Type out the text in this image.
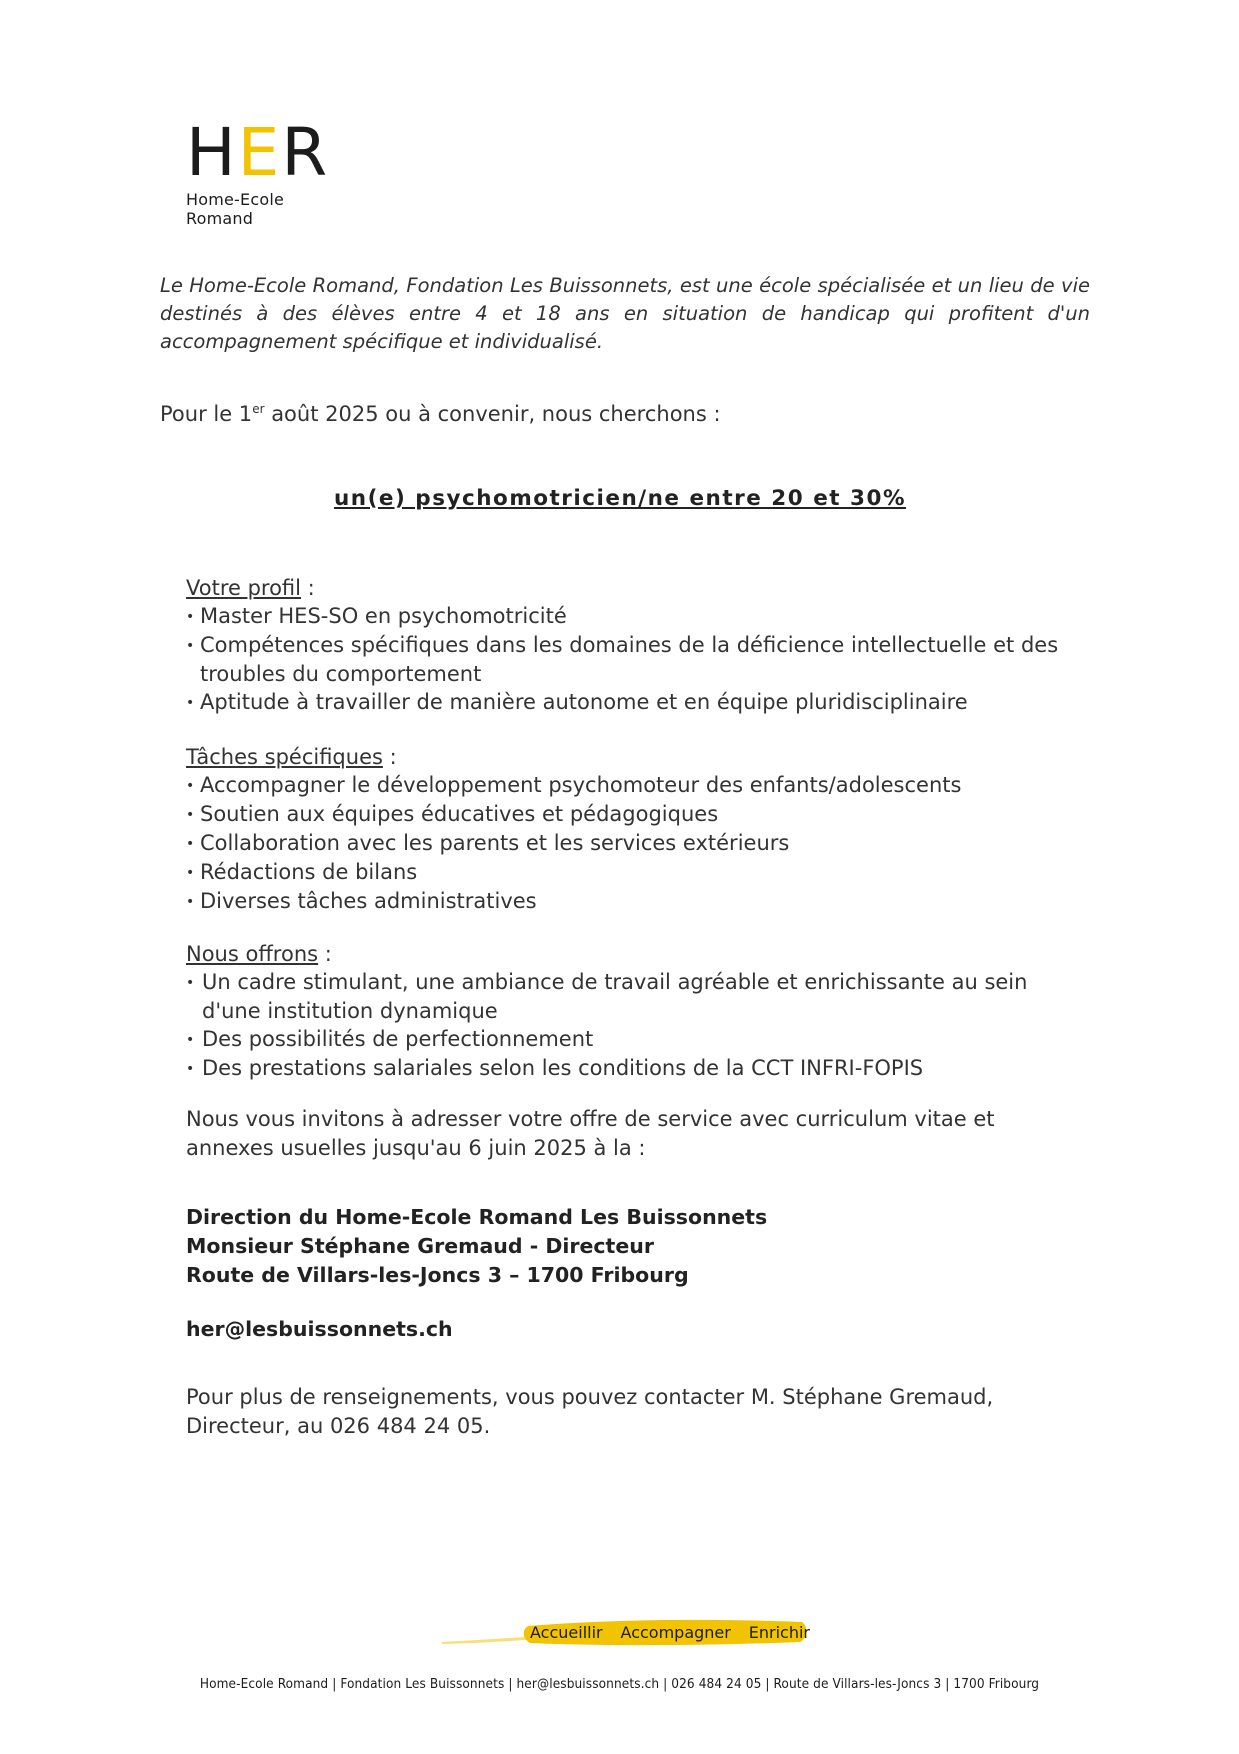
HER
Home-Ecole Romand

Le Home-Ecole Romand, Fondation Les Buissonnets, est une école spécialisée et un lieu de vie destinés à des élèves entre 4 et 18 ans en situation de handicap qui profitent d'un accompagnement spécifique et individualisé.

Pour le 1er août 2025 ou à convenir, nous cherchons :

un(e) psychomotricien/ne entre 20 et 30%
Votre profil :
• Master HES-SO en psychomotricité
• Compétences spécifiques dans les domaines de la déficience intellectuelle et des troubles du comportement
• Aptitude à travailler de manière autonome et en équipe pluridisciplinaire
Tâches spécifiques :
• Accompagner le développement psychomoteur des enfants/adolescents
• Soutien aux équipes éducatives et pédagogiques
• Collaboration avec les parents et les services extérieurs
• Rédactions de bilans
• Diverses tâches administratives
Nous offrons :
• Un cadre stimulant, une ambiance de travail agréable et enrichissante au sein d'une institution dynamique
• Des possibilités de perfectionnement
• Des prestations salariales selon les conditions de la CCT INFRI-FOPIS

Nous vous invitons à adresser votre offre de service avec curriculum vitae et annexes usuelles jusqu'au 6 juin 2025 à la :

Direction du Home-Ecole Romand Les Buissonnets
Monsieur Stéphane Gremaud - Directeur
Route de Villars-les-Joncs 3 – 1700 Fribourg

her@lesbuissonnets.ch

Pour plus de renseignements, vous pouvez contacter M. Stéphane Gremaud, Directeur, au 026 484 24 05.

Accueillir Accompagner Enrichir
Home-Ecole Romand | Fondation Les Buissonnets | her@lesbuissonnets.ch | 026 484 24 05 | Route de Villars-les-Joncs 3 | 1700 Fribourg
